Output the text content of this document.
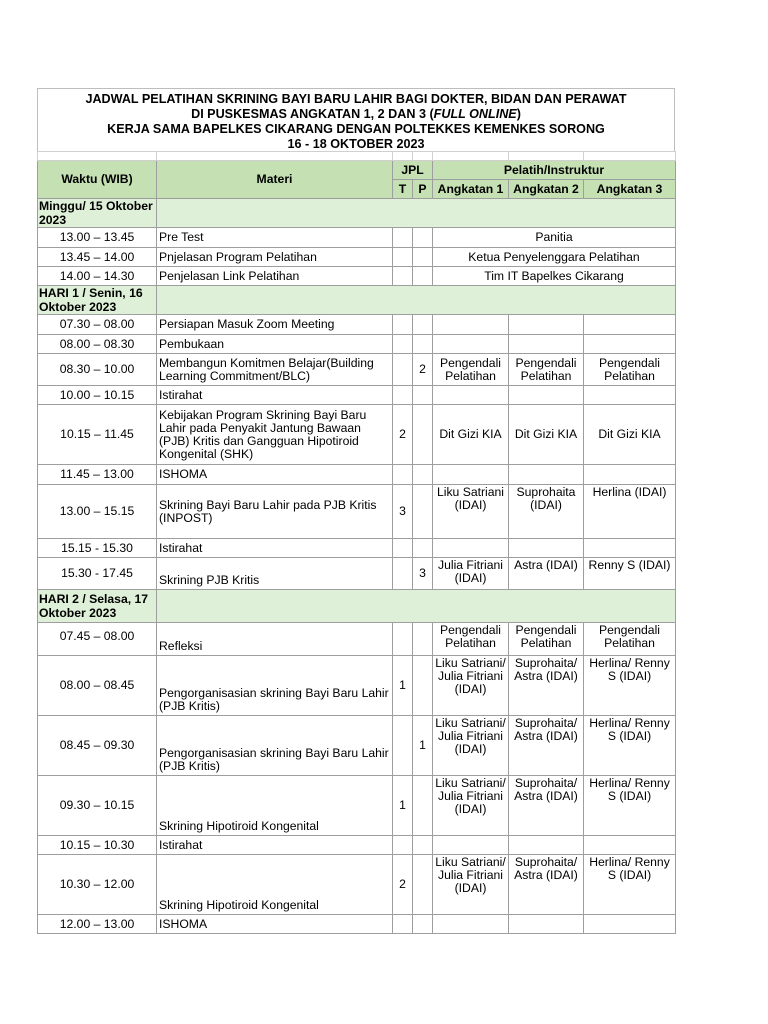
JADWAL PELATIHAN SKRINING BAYI BARU LAHIR BAGI DOKTER, BIDAN DAN PERAWAT
DI PUSKESMAS ANGKATAN 1, 2 DAN 3 (FULL ONLINE)
KERJA SAMA BAPELKES CIKARANG DENGAN POLTEKKES KEMENKES SORONG
16 - 18 OKTOBER 2023

Waktu (WIB)	Materi	JPL		Pelatih/Instruktur		
		T	P	Angkatan 1	Angkatan 2	Angkatan 3
Minggu/ 15 Oktober 2023						
13.00 – 13.45	Pre Test			Panitia		
13.45 – 14.00	Pnjelasan Program Pelatihan			Ketua Penyelenggara Pelatihan		
14.00 – 14.30	Penjelasan Link Pelatihan			Tim IT Bapelkes Cikarang		
HARI 1 / Senin, 16 Oktober 2023						
07.30 – 08.00	Persiapan Masuk Zoom Meeting					
08.00 – 08.30	Pembukaan					
08.30 – 10.00	Membangun Komitmen Belajar(Building Learning Commitment/BLC)		2	Pengendali Pelatihan	Pengendali Pelatihan	Pengendali Pelatihan
10.00 – 10.15	Istirahat					
10.15 – 11.45	Kebijakan Program Skrining Bayi Baru Lahir pada Penyakit Jantung Bawaan (PJB) Kritis dan Gangguan Hipotiroid Kongenital (SHK)	2		Dit Gizi KIA	Dit Gizi KIA	Dit Gizi KIA
11.45 – 13.00	ISHOMA					
13.00 – 15.15	Skrining Bayi Baru Lahir pada PJB Kritis (INPOST)	3		Liku Satriani (IDAI)	Suprohaita (IDAI)	Herlina (IDAI)
15.15 - 15.30	Istirahat					
15.30 - 17.45	Skrining PJB Kritis		3	Julia Fitriani (IDAI)	Astra (IDAI)	Renny S (IDAI)
HARI 2 / Selasa, 17 Oktober 2023						
07.45 – 08.00	Refleksi			Pengendali Pelatihan	Pengendali Pelatihan	Pengendali Pelatihan
08.00 – 08.45	Pengorganisasian skrining Bayi Baru Lahir (PJB Kritis)	1		Liku Satriani/ Julia Fitriani (IDAI)	Suprohaita/ Astra (IDAI)	Herlina/ Renny S (IDAI)
08.45 – 09.30	Pengorganisasian skrining Bayi Baru Lahir (PJB Kritis)		1	Liku Satriani/ Julia Fitriani (IDAI)	Suprohaita/ Astra (IDAI)	Herlina/ Renny S (IDAI)
09.30 – 10.15	Skrining Hipotiroid Kongenital	1		Liku Satriani/ Julia Fitriani (IDAI)	Suprohaita/ Astra (IDAI)	Herlina/ Renny S (IDAI)
10.15 – 10.30	Istirahat					
10.30 – 12.00	Skrining Hipotiroid Kongenital	2		Liku Satriani/ Julia Fitriani (IDAI)	Suprohaita/ Astra (IDAI)	Herlina/ Renny S (IDAI)
12.00 – 13.00	ISHOMA					
